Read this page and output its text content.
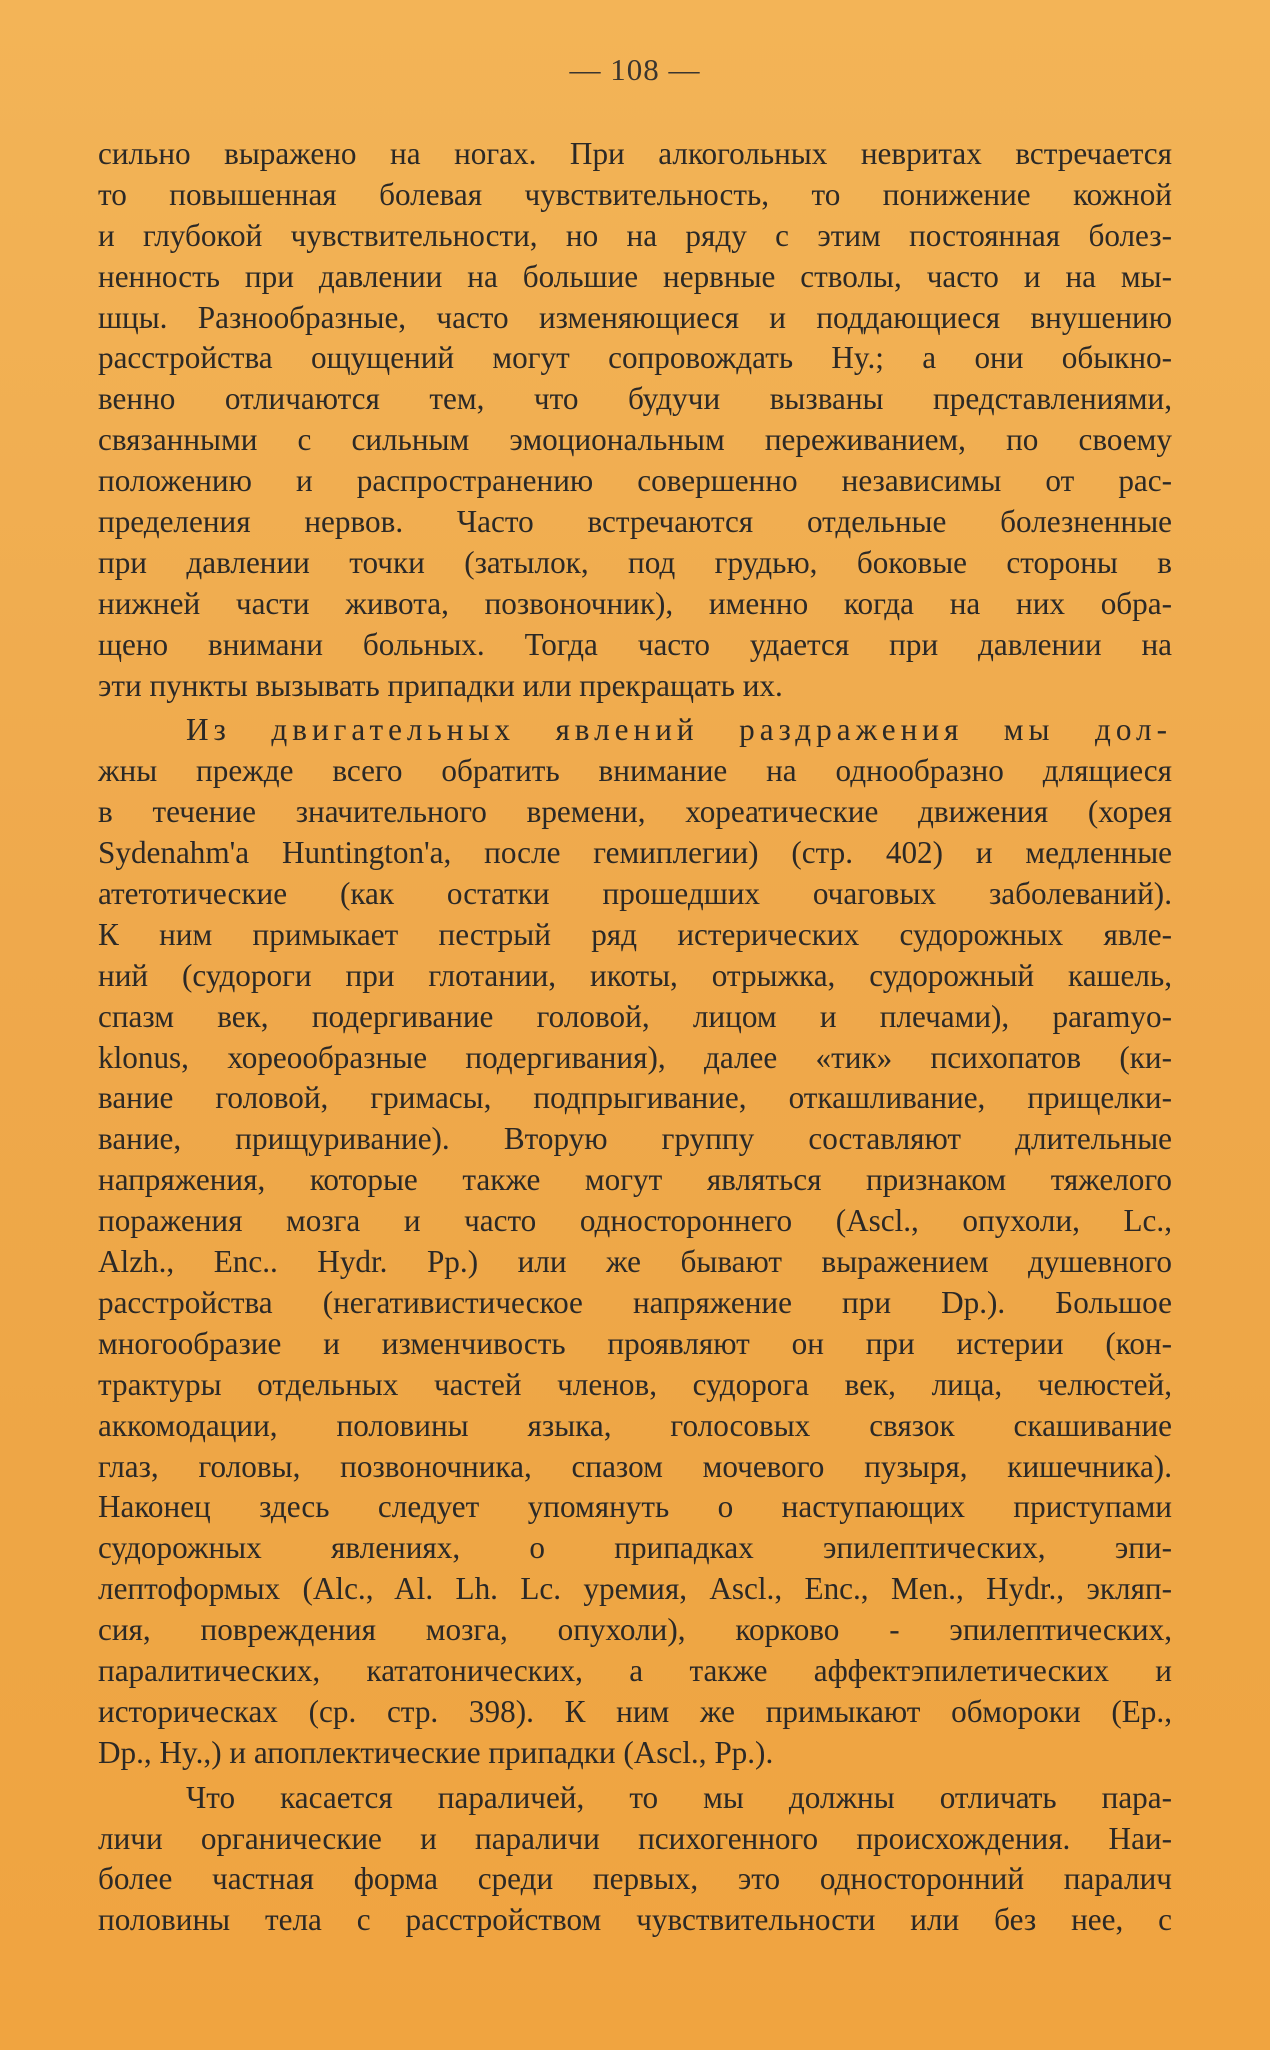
— 108 —
сильно выражено на ногах. При алкогольных невритах встречается
то повышенная болевая чувствительность, то понижение кожной
и глубокой чувствительности, но на ряду с этим постоянная болез-
ненность при давлении на большие нервные стволы, часто и на мы-
шцы. Разнообразные, часто изменяющиеся и поддающиеся внушению
расстройства ощущений могут сопровождать Hy.; а они обыкно-
венно отличаются тем, что будучи вызваны представлениями,
связанными с сильным эмоциональным переживанием, по своему
положению и распространению совершенно независимы от рас-
пределения нервов. Часто встречаются отдельные болезненные
при давлении точки (затылок, под грудью, боковые стороны в
нижней части живота, позвоночник), именно когда на них обра-
щено внимани больных. Тогда часто удается при давлении на
эти пункты вызывать припадки или прекращать их.
Из двигательных явлений раздражения мы дол-
жны прежде всего обратить внимание на однообразно длящиеся
в течение значительного времени, хореатические движения (хорея
Sydenahm'a Huntington'a, после гемиплегии) (стр. 402) и медленные
атетотические (как остатки прошедших очаговых заболеваний).
К ним примыкает пестрый ряд истерических судорожных явле-
ний (судороги при глотании, икоты, отрыжка, судорожный кашель,
спазм век, подергивание головой, лицом и плечами), paramyo-
klonus, хореообразные подергивания), далее «тик» психопатов (ки-
вание головой, гримасы, подпрыгивание, откашливание, прищелки-
вание, прищуривание). Вторую группу составляют длительные
напряжения, которые также могут являться признаком тяжелого
поражения мозга и часто одностороннего (Ascl., опухоли, Lc.,
Alzh., Enc.. Hydr. Pp.) или же бывают выражением душевного
расстройства (негативистическое напряжение при Dp.). Большое
многообразие и изменчивость проявляют он при истерии (кон-
трактуры отдельных частей членов, судорога век, лица, челюстей,
аккомодации, половины языка, голосовых связок скашивание
глаз, головы, позвоночника, спазом мочевого пузыря, кишечника).
Наконец здесь следует упомянуть о наступающих приступами
судорожных явлениях, о припадках эпилептических, эпи-
лептоформых (Alc., Al. Lh. Lc. уремия, Ascl., Enc., Men., Hydr., экляп-
сия, повреждения мозга, опухоли), корково - эпилептических,
паралитических, кататонических, а также аффектэпилетических и
историческах (ср. стр. 398). К ним же примыкают обмороки (Ep.,
Dp., Hy.,) и апоплектические припадки (Ascl., Pp.).
Что касается параличей, то мы должны отличать пара-
личи органические и параличи психогенного происхождения. Наи-
более частная форма среди первых, это односторонний паралич
половины тела с расстройством чувствительности или без нее, с
